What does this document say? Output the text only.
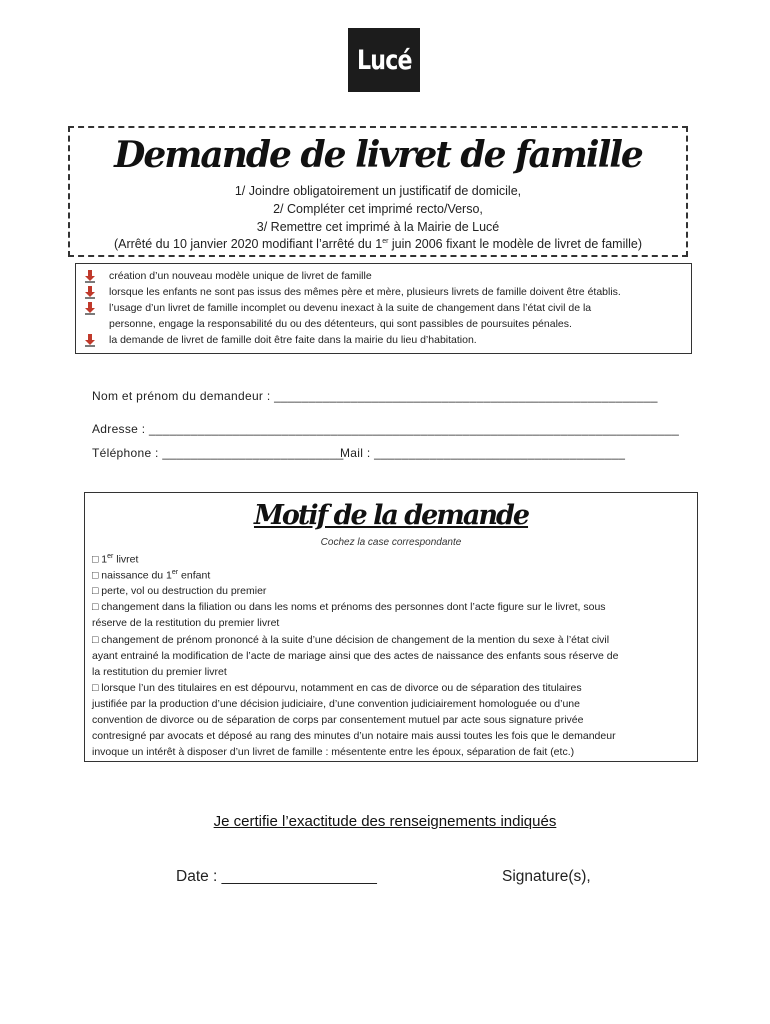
Lucé
Demande de livret de famille
1/ Joindre obligatoirement un justificatif de domicile,
2/ Compléter cet imprimé recto/Verso,
3/ Remettre cet imprimé à la Mairie de Lucé
(Arrêté du 10 janvier 2020 modifiant l’arrêté du 1er juin 2006 fixant le modèle de livret de famille)
création d’un nouveau modèle unique de livret de famille
lorsque les enfants ne sont pas issus des mêmes père et mère, plusieurs livrets de famille doivent être établis.
l’usage d’un livret de famille incomplet ou devenu inexact à la suite de changement dans l’état civil de la
personne, engage la responsabilité du ou des détenteurs, qui sont passibles de poursuites pénales.
la demande de livret de famille doit être faite dans la mairie du lieu d’habitation.
Nom et prénom du demandeur : _______________________________________________________
Adresse : ____________________________________________________________________________
Téléphone : __________________________
Mail : ____________________________________
Motif de la demande
Cochez la case correspondante
□ 1er livret
□ naissance du 1er enfant
□ perte, vol ou destruction du premier
□ changement dans la filiation ou dans les noms et prénoms des personnes dont l’acte figure sur le livret, sous
réserve de la restitution du premier livret
□ changement de prénom prononcé à la suite d’une décision de changement de la mention du sexe à l’état civil
ayant entrainé la modification de l’acte de mariage ainsi que des actes de naissance des enfants sous réserve de
la restitution du premier livret
□ lorsque l’un des titulaires en est dépourvu, notamment en cas de divorce ou de séparation des titulaires
justifiée par la production d’une décision judiciaire, d’une convention judiciairement homologuée ou d’une
convention de divorce ou de séparation de corps par consentement mutuel par acte sous signature privée
contresigné par avocats et déposé au rang des minutes d’un notaire mais aussi toutes les fois que le demandeur
invoque un intérêt à disposer d’un livret de famille : mésentente entre les époux, séparation de fait (etc.)
Je certifie l’exactitude des renseignements indiqués
Date : __________________	Signature(s),
